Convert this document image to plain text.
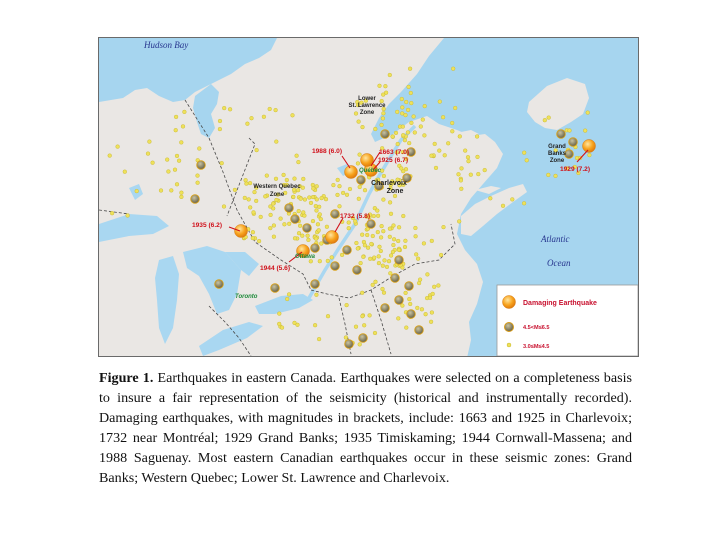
Hudson Bay
Atlantic
Ocean
Lower
St. Lawrence
Zone
Western Quebec
Zone
Charlevoix
Zone
Grand
Banks
Zone
1988 (6.0)	1663 (7.0)
1925 (6.7)
1732 (5.8)
1935 (6.2)
1944 (5.6)
1929 (7.2)
Québec
Ottawa
Toronto
Damaging Earthquake
4.5<M≤6.5
3.0≤M≤4.5
Figure 1. Earthquakes in eastern Canada. Earthquakes were selected on a completeness basis to insure a fair representation of the seismicity (historical and instrumentally recorded). Damaging earthquakes, with magnitudes in brackets, include: 1663 and 1925 in Charlevoix; 1732 near Montréal; 1929 Grand Banks; 1935 Timiskaming; 1944 Cornwall-Massena; and 1988 Saguenay. Most eastern Canadian earthquakes occur in these seismic zones: Grand Banks; Western Quebec; Lower St. Lawrence and Charlevoix.
